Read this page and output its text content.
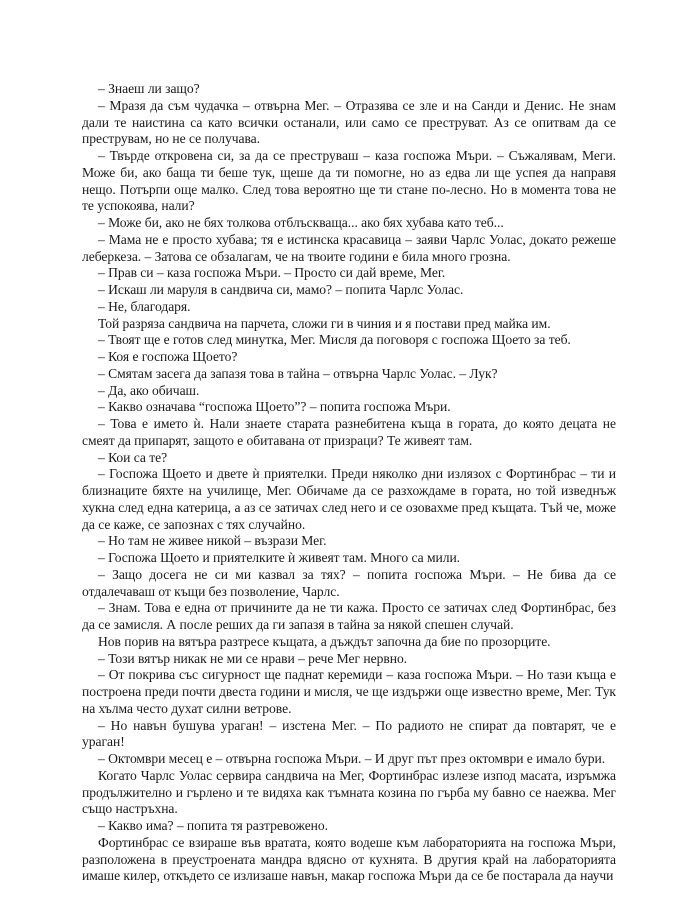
– Знаеш ли защо?

– Мразя да съм чудачка – отвърна Мег. – Отразява се зле и на Санди и Денис. Не знам дали те наистина са като всички останали, или само се преструват. Аз се опитвам да се преструвам, но не се получава.

– Твърде откровена си, за да се преструваш – каза госпожа Мъри. – Съжалявам, Меги. Може би, ако баща ти беше тук, щеше да ти помогне, но аз едва ли ще успея да направя нещо. Потърпи още малко. След това вероятно ще ти стане по-лесно. Но в момента това не те успокоява, нали?

– Може би, ако не бях толкова отблъскваща... ако бях хубава като теб...

– Мама не е просто хубава; тя е истинска красавица – заяви Чарлс Уолас, докато режеше леберкеза. – Затова се обзалагам, че на твоите години е била много грозна.

– Прав си – каза госпожа Мъри. – Просто си дай време, Мег.

– Искаш ли маруля в сандвича си, мамо? – попита Чарлс Уолас.

– Не, благодаря.

Той разряза сандвича на парчета, сложи ги в чиния и я постави пред майка им.

– Твоят ще е готов след минутка, Мег. Мисля да поговоря с госпожа Щоето за теб.

– Коя е госпожа Щоето?

– Смятам засега да запазя това в тайна – отвърна Чарлс Уолас. – Лук?

– Да, ако обичаш.

– Какво означава “госпожа Щоето”? – попита госпожа Мъри.

– Това е името ѝ. Нали знаете старата разнебитена къща в гората, до която децата не смеят да припарят, защото е обитавана от призраци? Те живеят там.

– Кои са те?

– Госпожа Щоето и двете ѝ приятелки. Преди няколко дни излязох с Фортинбрас – ти и близнаците бяхте на училище, Мег. Обичаме да се разхождаме в гората, но той изведнъж хукна след една катерица, а аз се затичах след него и се озовахме пред къщата. Тъй че, може да се каже, се запознах с тях случайно.

– Но там не живее никой – възрази Мег.

– Госпожа Щоето и приятелките ѝ живеят там. Много са мили.

– Защо досега не си ми казвал за тях? – попита госпожа Мъри. – Не бива да се отдалечаваш от къщи без позволение, Чарлс.

– Знам. Това е една от причините да не ти кажа. Просто се затичах след Фортинбрас, без да се замисля. А после реших да ги запазя в тайна за някой спешен случай.

Нов порив на вятъра разтресе къщата, а дъждът започна да бие по прозорците.

– Този вятър никак не ми се нрави – рече Мег нервно.

– От покрива със сигурност ще паднат керемиди – каза госпожа Мъри. – Но тази къща е построена преди почти двеста години и мисля, че ще издържи още известно време, Мег. Тук на хълма често духат силни ветрове.

– Но навън бушува ураган! – изстена Мег. – По радиото не спират да повтарят, че е ураган!

– Октомври месец е – отвърна госпожа Мъри. – И друг път през октомври е имало бури.

Когато Чарлс Уолас сервира сандвича на Мег, Фортинбрас излезе изпод масата, изръмжа продължително и гърлено и те видяха как тъмната козина по гърба му бавно се наежва. Мег също настръхна.

– Какво има? – попита тя разтревожено.

Фортинбрас се взираше във вратата, която водеше към лабораторията на госпожа Мъри, разположена в преустроената мандра вдясно от кухнята. В другия край на лабораторията имаше килер, откъдето се излизаше навън, макар госпожа Мъри да се бе постарала да научи
